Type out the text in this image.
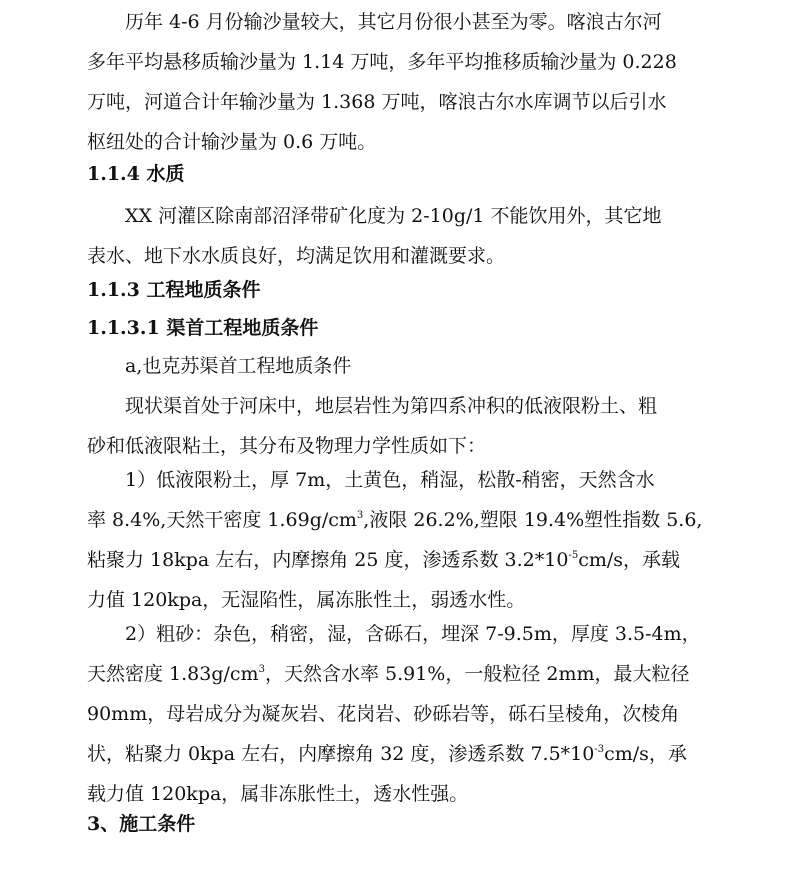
历年 4-6 月份输沙量较大，其它月份很小甚至为零。喀浪古尔河
多年平均悬移质输沙量为 1.14 万吨，多年平均推移质输沙量为 0.228
万吨，河道合计年输沙量为 1.368 万吨，喀浪古尔水库调节以后引水
枢纽处的合计输沙量为 0.6 万吨。
1.1.4 水质
XX 河灌区除南部沼泽带矿化度为 2-10g/1 不能饮用外，其它地
表水、地下水水质良好，均满足饮用和灌溉要求。
1.1.3 工程地质条件
1.1.3.1 渠首工程地质条件
a,也克苏渠首工程地质条件
现状渠首处于河床中，地层岩性为第四系冲积的低液限粉土、粗
砂和低液限粘土，其分布及物理力学性质如下：
1）低液限粉土，厚 7m，土黄色，稍湿，松散-稍密，天然含水
率 8.4%,天然干密度 $1.69g/cm^3$,液限 26.2%,塑限 19.4%塑性指数 5.6,
粘聚力 18kpa 左右，内摩擦角 25 度，渗透系数 $3.2*10^{-5}cm/s$，承载
力值 120kpa，无湿陷性，属冻胀性土，弱透水性。
2）粗砂：杂色，稍密，湿，含砾石，埋深 7-9.5m，厚度 3.5-4m，
天然密度 $1.83g/cm^3$，天然含水率 5.91%，一般粒径 2mm，最大粒径
90mm，母岩成分为凝灰岩、花岗岩、砂砾岩等，砾石呈棱角，次棱角
状，粘聚力 0kpa 左右，内摩擦角 32 度，渗透系数 $7.5*10^{-3}cm/s$，承
载力值 120kpa，属非冻胀性土，透水性强。
3、施工条件
